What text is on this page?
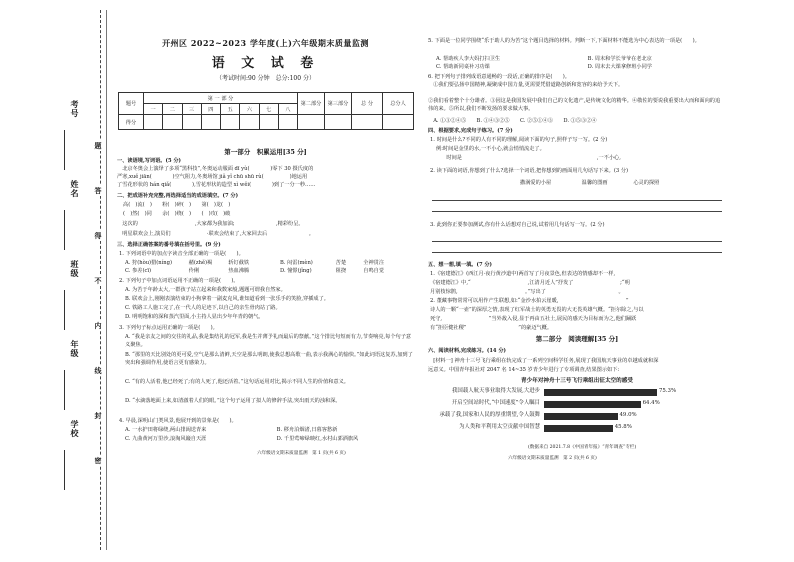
考号
姓名
班级
年级
学校
题
答
得
不
内
线
封
密
开州区 2022~2023 学年度(上)六年级期末质量监测
语 文 试 卷
（考试时间:90 分钟　总分:100 分）
题号	第 一 部 分								第二部分	第三部分	总 分	总分人
	一	二	三	四	五	六	七	八				
得分												
第一部分　积累运用[35 分]
一、读语境,写词语。(5 分)
　北京冬奥会上演绎了多项“黑科技”,冬奥运动服面 dī yù(　　　　)零下 30 摄氏度的
严寒,xuě jiān(　　　　)空气阻力,冬奥场馆 jiǎ yǐ chū shū rù(　　　　　)地运用
了雪花形状的 hán qiǎ(　　　　),雪花形状的造型 xì wěi(　　　　)到了一分一秒……
二、把成语补充完整,再选择适当的成语填空。(7 分)
高(　)流(　)　　粉(　)碎(　)　　第(　)龙(　)
(　)然(　)同　　余(　)绕(　)　　(　)攻(　)破
　这次的　　　　　　　　　　　,大家都为我加油;　　　　　　　　,精彩纷呈。
　明星联欢会上,演员们　　　　　　　·联欢会结束了,大家回去后　　　　　　　　。
三、选择正确答案的番号填在括号里。(9 分)
1. 下列词语中的加点字读音全部正确的一项是(　　)。
A. 狩(hòu)猎(níng)	赭(zhě)褐	斩钉截铁	B. 闷雷(mèn)	苦楚	全神贯注
C. 参差(cī)	伶俐	热血沸腾	D. 憧憬(jǐng)	阻挠	自鸣自觉
2. 下列句子中加点词语运用不正确的一项是(　　)。
A. 为苦于年龄太大,一群孩子站立起来和我数家般,题题可谓我自然家。
B. 联欢会上,刚刚表演结束的小狗拿着一副麦克风,谁知道看到一张乐手的笑脸,穿插成了。
C. 铁路工人施工完了,在一代人的足迹下,以自己的亲生骨肉站了路。
D. 明明饱和的深和蒸汽里面,小主持人显出少年年青的朝气。
3. 下列句子标点运用正确的一项是(　　)。
A. “我是亲友之间的交往的礼品,我是集结礼的冠军,我是生并薄予礼而最后的祭献。”这个排比句短而有力,节奏响亮,每个句子意义聚焦。
B. “那里的天比别处的更可爱,空气是那么清鲜,天空是那么明朗,使我总想高歌一曲,表示我满心的愉快。”如此词语这复苏,加到了突出和强调作用,使语言更有感染力。
C. “有的人活着,他已经死了;有的人死了,他还活着。”这句话运用对比,揭示不同人生的价值和意义。
D. “水滴落地面上来,如清澈着人们的眼。”这个句子运用了拟人的修辞手法,突出雨天的浊和深。
4. 早晨,深明山门类风景,他展开到的景象是(　　)。
A. 一水护田将绿绕,两山排闼送青来	B. 移舟泊烟渚,日暮客愁新
C. 九曲黄河万里沙,浪淘风簸自天涯	D. 千里莺啼绿映红,水村山郭酒旗风
六年级语文期末质量监测　第 1 页(共 6 页)
5. 下面是一位同学围绕“乐于助人的为苦”这个题目选择的材料。判断一下,下面材料不能选为中心表达的一项是(　　)。
A. 帮助疾人李大妈打扫卫生	B. 周末和学长爷爷在老北京
C. 帮助新同桌补习功课	D. 周末去大课拿修班小同学
6. 把下列句子排列成语意通畅的一段话,正确的排序是(　　)。
　①我们要弘扬中国精神,凝聚成中国力量,更需要凭借道路创新和宽容的来给予天下。
②我们看着整个十分雄者。③因这是我国发展中我们自己的文化遗产,是传统文化的精华。④敬佐的要说我重要出大而和面向的追伟的来。⑤所以,我们不断发扬的要求做大事。
　A. ①③②④⑤　　B. ①④③②⑤　　C. ②⑤①④③　　D. ①⑤③②④
四、根据要求,完成句子练习。(7 分)
1. 时间是什么?不同的人有不同的理解,阅读下面的句子,照样子写一写。(2 分)
例:时间是金里的水,一不小心,就会悄悄流走了。
　　时间是　　　　　　　　　　　　　　　　　　　　　　　　　　,一不小心,
2. 读下面的词语,你想到了什么?选择一个词语,把你想到的画面用几句话写下来。(3 分)
撒满爱的小屋	温馨的图画	心灵的探照
3. 此到你正要参加测试,你有什么话想对自己说,试着用几句话写一写。(2 分)
五、想一想,填一填。(7 分)
1.《宿建德江》(西江月·夜行黄沙道中)两首写了月夜景色,但表达的情感却不一样,
《宿建德江》中,“　　　　　　　　　　　,江清月近人”抒发了　　　　　　　　　;“明
月别枝惊鹊,　　　　　　　　　　　　　。”写出了　　　　　　　　　　　　　　。
2. 董藏事物常常可以用作产生联想,如:“金沙水拍云崖暖,　　　　　　　　　　　　　”
诗人的一颗“一壶”的深厚之情,表现了红军战士的英勇无畏的大无畏英雄气概。“拒尔除之,与以
死守,　　　　　　　　　”当外敌入侵,显于再由五社土,展民的感天为目标而为之,他们踊跃
有“拒臣健社稷”　　　　　　　　　　”的豪迈气概。
第二部分　阅读理解[35 分]
六、阅读材料,完成练习。(14 分)
　[材料一] 神舟十三号飞行乘组在轨完成了一系列空间科学任务,展现了我国航天事业的卓越成就和深
远意义。中国青年报社对 2047 名 14~35 岁青少年进行了专项调查,结果图示如下:
青少年对神舟十三号飞行乘组出征太空的感受
我国载人航天事业取得大发展,大进步	75.3%
开启空间站时代,“中国速度”令人瞩目	64.4%
承载了我,国家和人民的厚重期望,令人鼓舞	49.0%
为人类和平利用太空贡献中国智慧	45.8%
(数据来自 2021.7.8《中国青年报》“青年调查”专栏)
六年级语文期末质量监测　第 2 页(共 6 页)
